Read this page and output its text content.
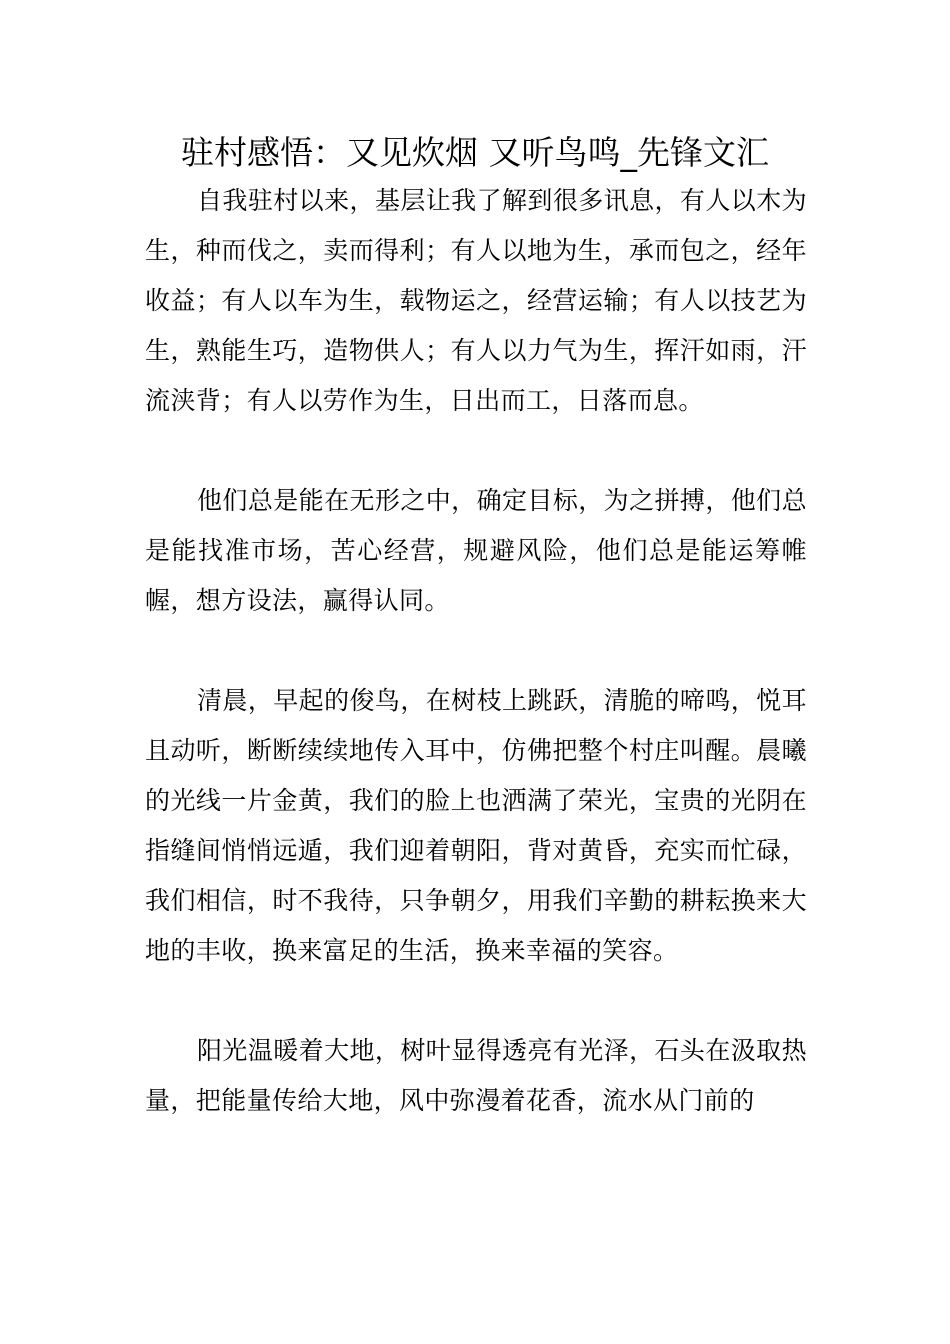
驻村感悟：又见炊烟 又听鸟鸣_先锋文汇

自我驻村以来，基层让我了解到很多讯息，有人以木为生，种而伐之，卖而得利；有人以地为生，承而包之，经年收益；有人以车为生，载物运之，经营运输；有人以技艺为生，熟能生巧，造物供人；有人以力气为生，挥汗如雨，汗流浃背；有人以劳作为生，日出而工，日落而息。

他们总是能在无形之中，确定目标，为之拼搏，他们总是能找准市场，苦心经营，规避风险，他们总是能运筹帷幄，想方设法，赢得认同。

清晨，早起的俊鸟，在树枝上跳跃，清脆的啼鸣，悦耳且动听，断断续续地传入耳中，仿佛把整个村庄叫醒。晨曦的光线一片金黄，我们的脸上也洒满了荣光，宝贵的光阴在指缝间悄悄远遁，我们迎着朝阳，背对黄昏，充实而忙碌，我们相信，时不我待，只争朝夕，用我们辛勤的耕耘换来大地的丰收，换来富足的生活，换来幸福的笑容。

阳光温暖着大地，树叶显得透亮有光泽，石头在汲取热量，把能量传给大地，风中弥漫着花香，流水从门前的
